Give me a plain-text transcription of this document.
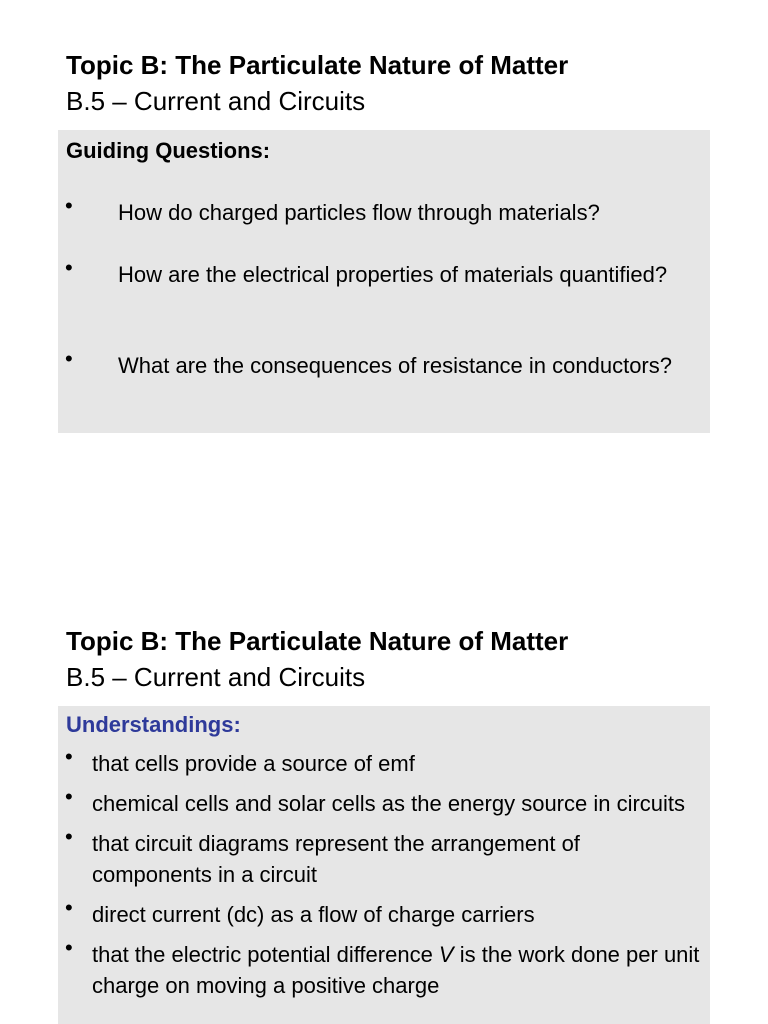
Topic B: The Particulate Nature of Matter
B.5 – Current and Circuits
Guiding Questions:
• How do charged particles flow through materials?
• How are the electrical properties of materials quantified?
• What are the consequences of resistance in conductors?
Topic B: The Particulate Nature of Matter
B.5 – Current and Circuits
Understandings:
• that cells provide a source of emf
• chemical cells and solar cells as the energy source in circuits
• that circuit diagrams represent the arrangement of components in a circuit
• direct current (dc) as a flow of charge carriers
• that the electric potential difference V is the work done per unit charge on moving a positive charge
